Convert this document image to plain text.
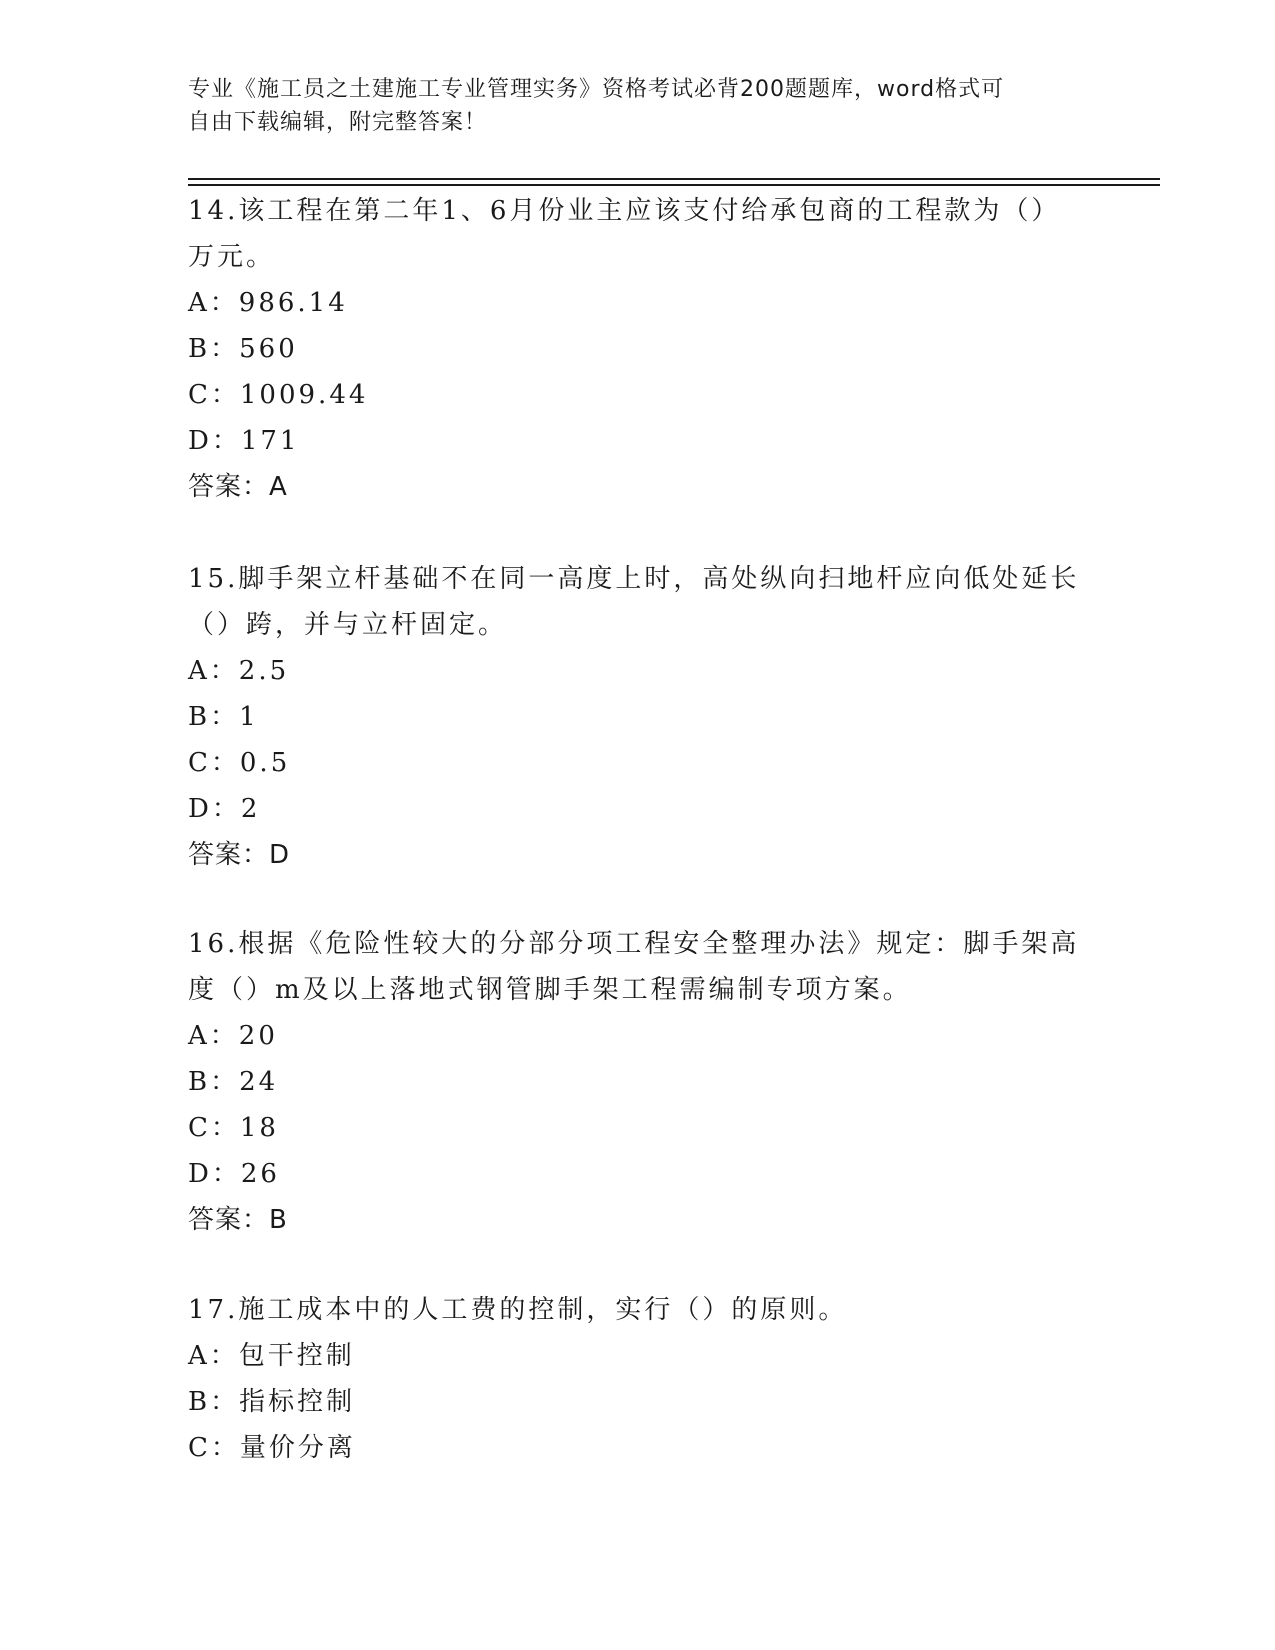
专业《施工员之土建施工专业管理实务》资格考试必背200题题库，word格式可
自由下载编辑，附完整答案！

14.该工程在第二年1、6月份业主应该支付给承包商的工程款为（）

万元。

A：986.14

B：560

C：1009.44

D：171

答案：A

15.脚手架立杆基础不在同一高度上时，高处纵向扫地杆应向低处延长

（）跨，并与立杆固定。

A：2.5

B：1

C：0.5

D：2

答案：D

16.根据《危险性较大的分部分项工程安全整理办法》规定：脚手架高

度（）m及以上落地式钢管脚手架工程需编制专项方案。

A：20

B：24

C：18

D：26

答案：B

17.施工成本中的人工费的控制，实行（）的原则。

A：包干控制

B：指标控制

C：量价分离
